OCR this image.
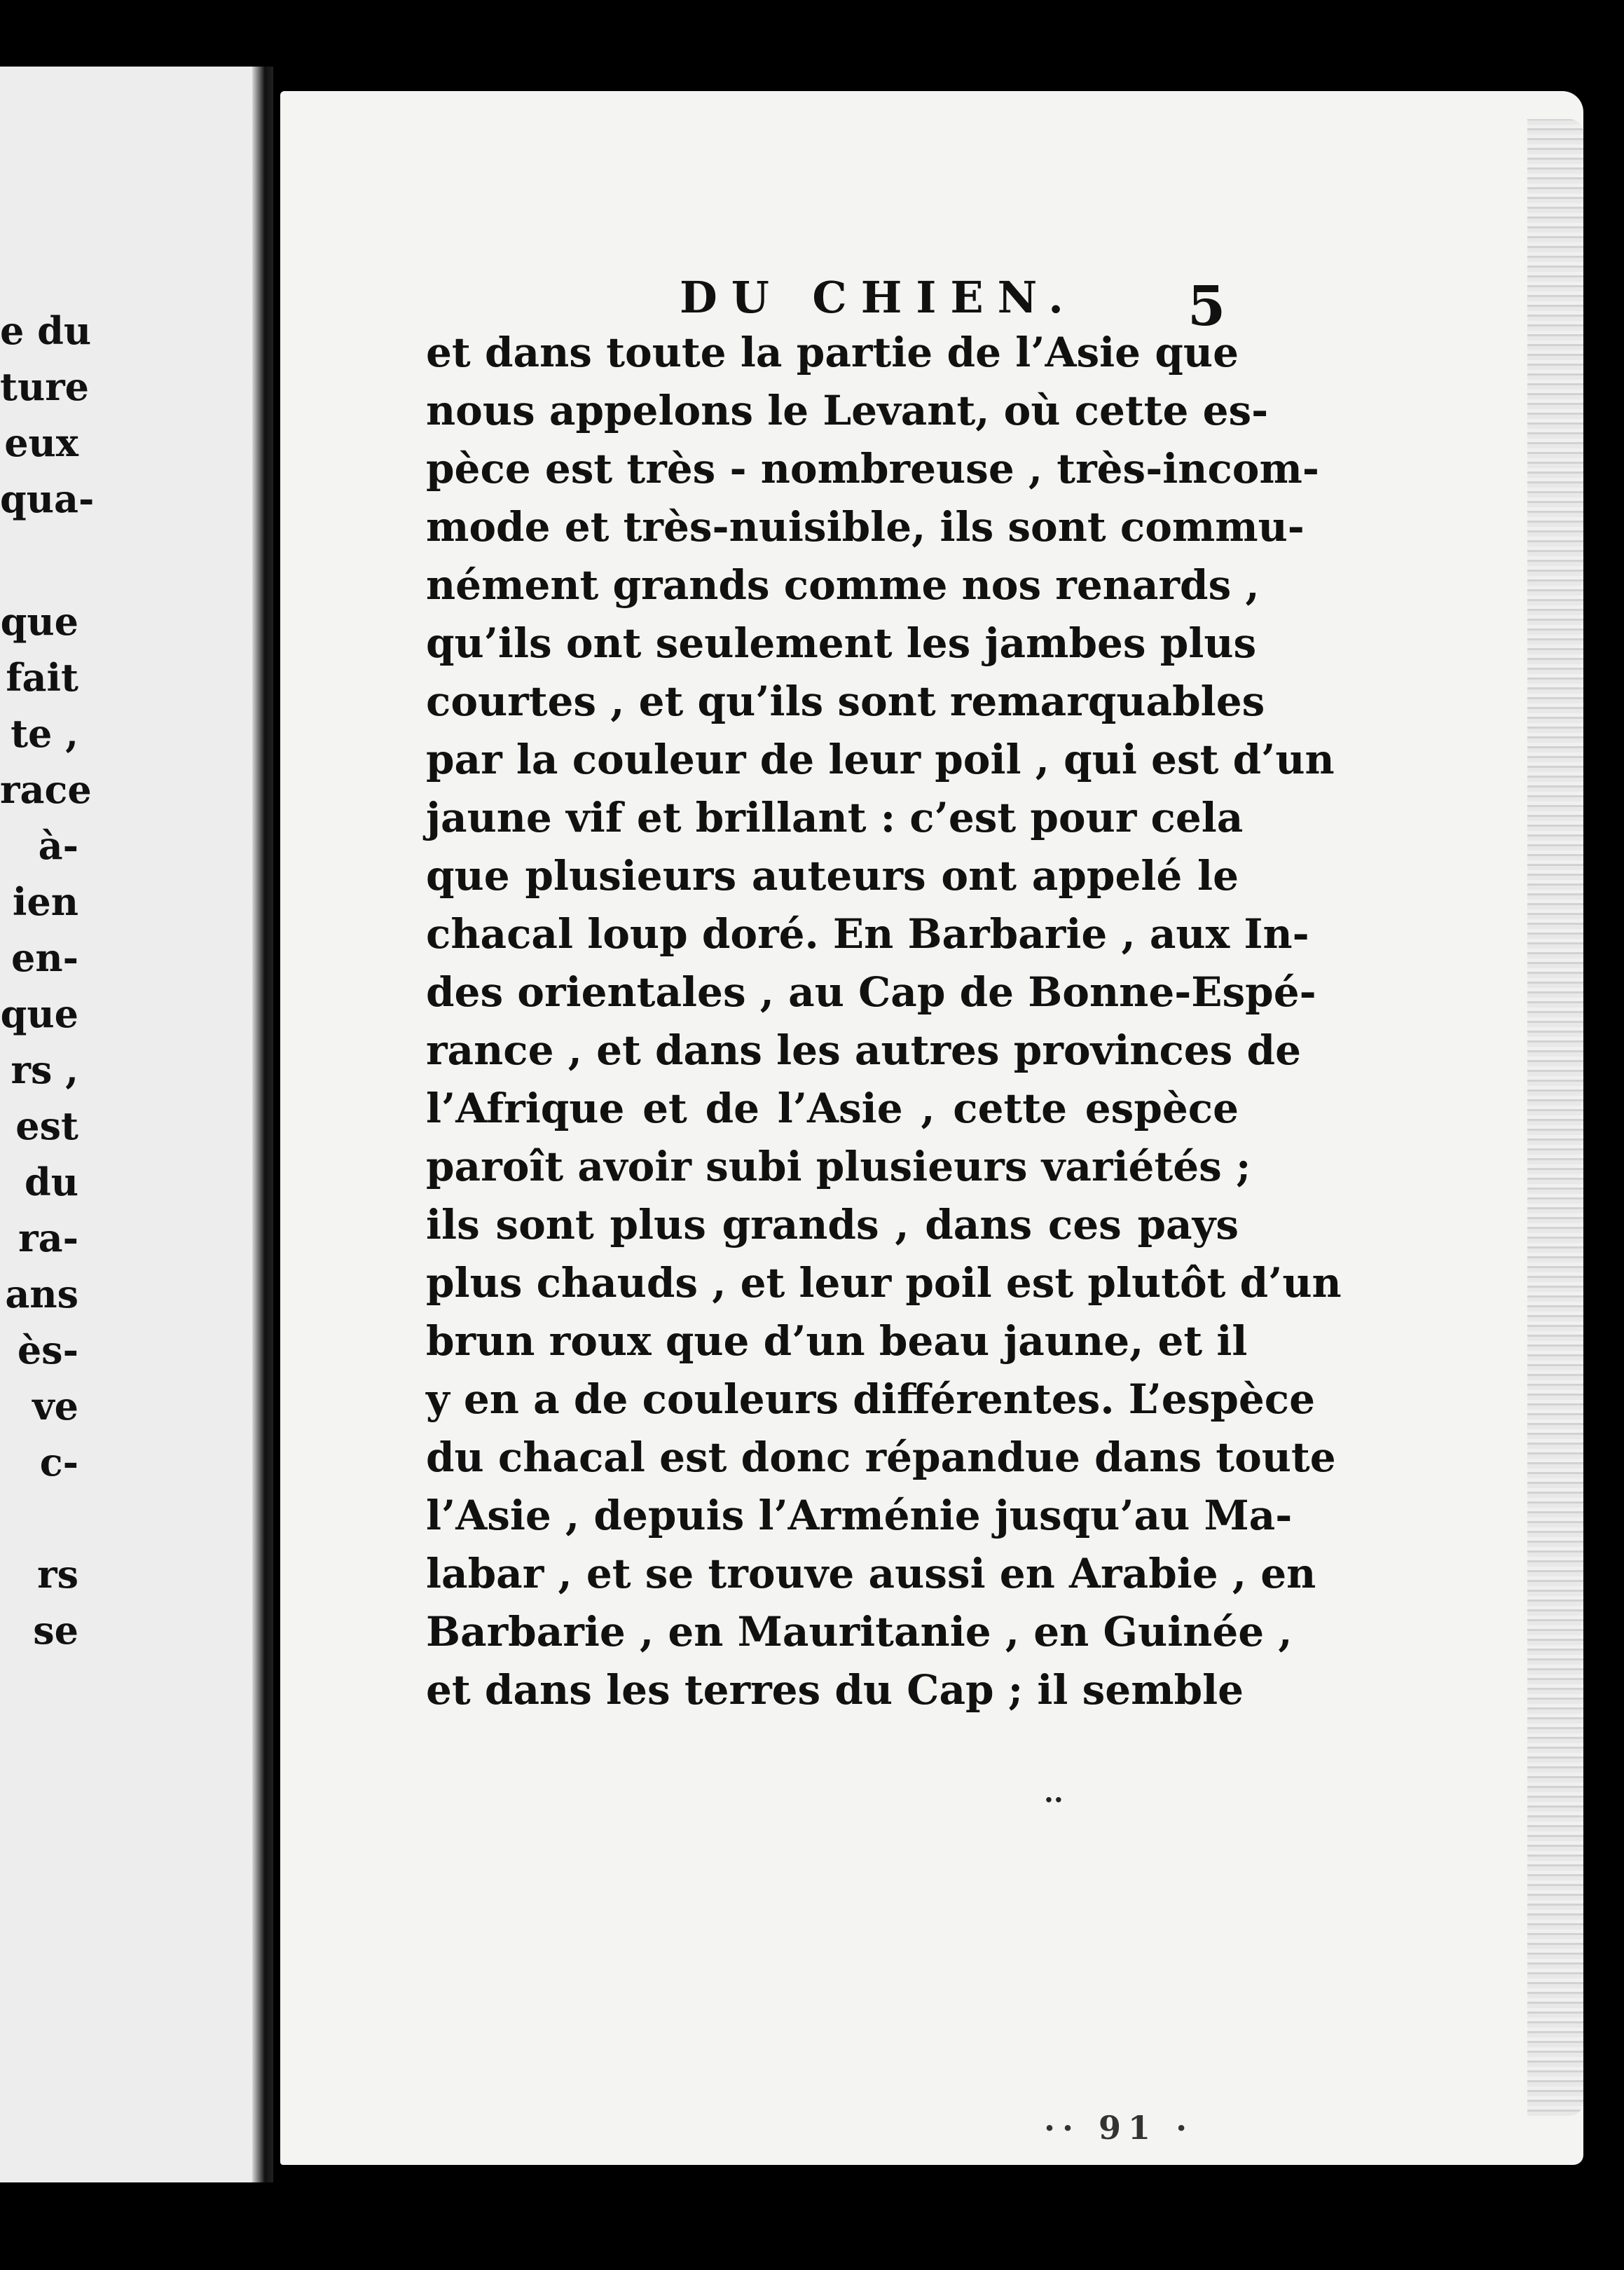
e du
ture
eux
qua-
que
fait
te ,
race
à-
ien
en-
que
rs ,
est
du
ra-
ans
ès-
ve
c-
rs
se
DU CHIEN. 5
et dans toute la partie de l’Asie que
nous appelons le Levant, où cette es-
pèce est très - nombreuse , très-incom-
mode et très-nuisible, ils sont commu-
nément grands comme nos renards ,
qu’ils ont seulement les jambes plus
courtes , et qu’ils sont remarquables
par la couleur de leur poil , qui est d’un
jaune vif et brillant : c’est pour cela
que plusieurs auteurs ont appelé le
chacal loup doré. En Barbarie , aux In-
des orientales , au Cap de Bonne-Espé-
rance , et dans les autres provinces de
l’Afrique et de l’Asie , cette espèce
paroît avoir subi plusieurs variétés ;
ils sont plus grands , dans ces pays
plus chauds , et leur poil est plutôt d’un
brun roux que d’un beau jaune, et il
y en a de couleurs différentes. L’espèce
du chacal est donc répandue dans toute
l’Asie , depuis l’Arménie jusqu’au Ma-
labar , et se trouve aussi en Arabie , en
Barbarie , en Mauritanie , en Guinée ,
et dans les terres du Cap ; il semble
..
·· 91 ·
